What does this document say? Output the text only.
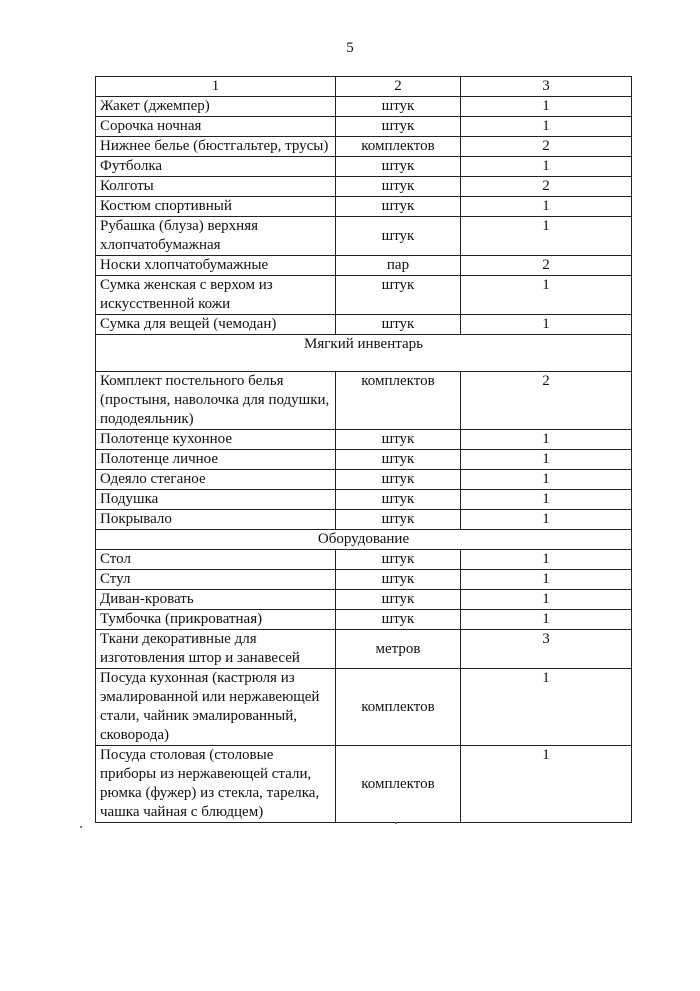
5
1	2	3
Жакет (джемпер)	штук	1
Сорочка ночная	штук	1
Нижнее белье (бюстгальтер, трусы)	комплектов	2
Футболка	штук	1
Колготы	штук	2
Костюм спортивный	штук	1
Рубашка (блуза) верхняя хлопчатобумажная	штук	1
Носки хлопчатобумажные	пар	2
Сумка женская с верхом из искусственной кожи	штук	1
Сумка для вещей (чемодан)	штук	1
Мягкий инвентарь		
Комплект постельного белья (простыня, наволочка для подушки, пододеяльник)	комплектов	2
Полотенце кухонное	штук	1
Полотенце личное	штук	1
Одеяло стеганое	штук	1
Подушка	штук	1
Покрывало	штук	1
Оборудование		
Стол	штук	1
Стул	штук	1
Диван-кровать	штук	1
Тумбочка (прикроватная)	штук	1
Ткани декоративные для изготовления штор и занавесей	метров	3
Посуда кухонная (кастрюля из эмалированной или нержавеющей стали, чайник эмалированный, сковорода)	комплектов	1
Посуда столовая (столовые приборы из нержавеющей стали, рюмка (фужер) из стекла, тарелка, чашка чайная с блюдцем)	комплектов	1
